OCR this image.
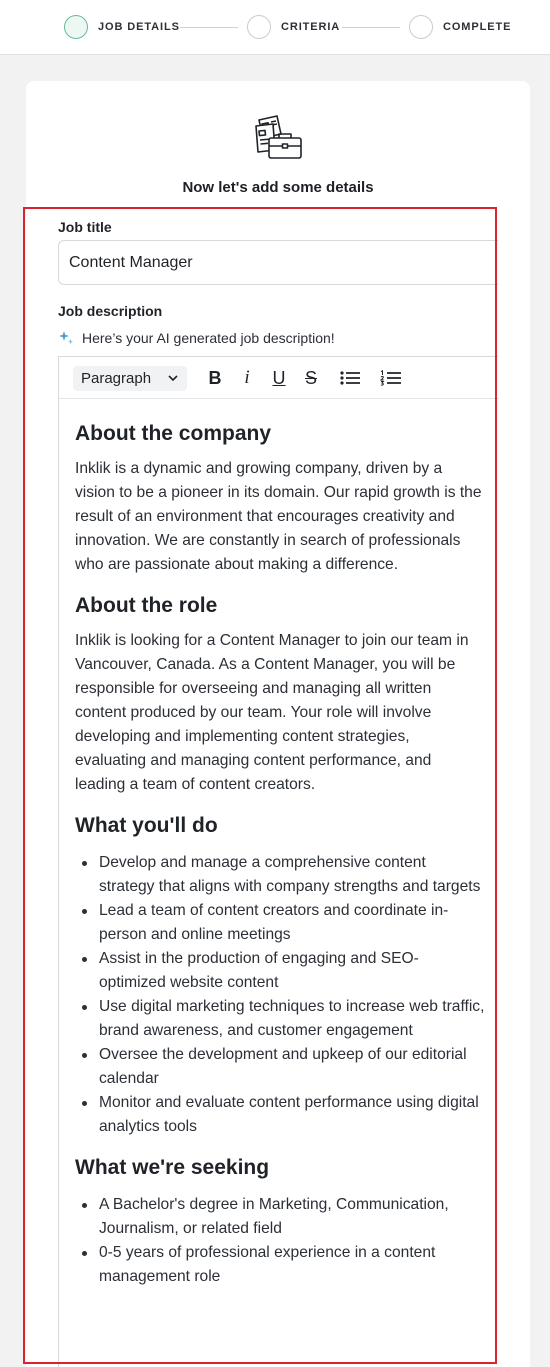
JOB DETAILS	CRITERIA	COMPLETE
Now let's add some details
Job title
Content Manager
Job description
Here’s your AI generated job description!
Paragraph	B	i	U	S
About the company

Inklik is a dynamic and growing company, driven by a vision to be a pioneer in its domain. Our rapid growth is the result of an environment that encourages creativity and innovation. We are constantly in search of professionals who are passionate about making a difference.

About the role

Inklik is looking for a Content Manager to join our team in Vancouver, Canada. As a Content Manager, you will be responsible for overseeing and managing all written content produced by our team. Your role will involve developing and implementing content strategies, evaluating and managing content performance, and leading a team of content creators.

What you'll do
Develop and manage a comprehensive content strategy that aligns with company strengths and targets
Lead a team of content creators and coordinate in-person and online meetings
Assist in the production of engaging and SEO-optimized website content
Use digital marketing techniques to increase web traffic, brand awareness, and customer engagement
Oversee the development and upkeep of our editorial calendar
Monitor and evaluate content performance using digital analytics tools
What we're seeking
A Bachelor's degree in Marketing, Communication, Journalism, or related field
0-5 years of professional experience in a content management role
